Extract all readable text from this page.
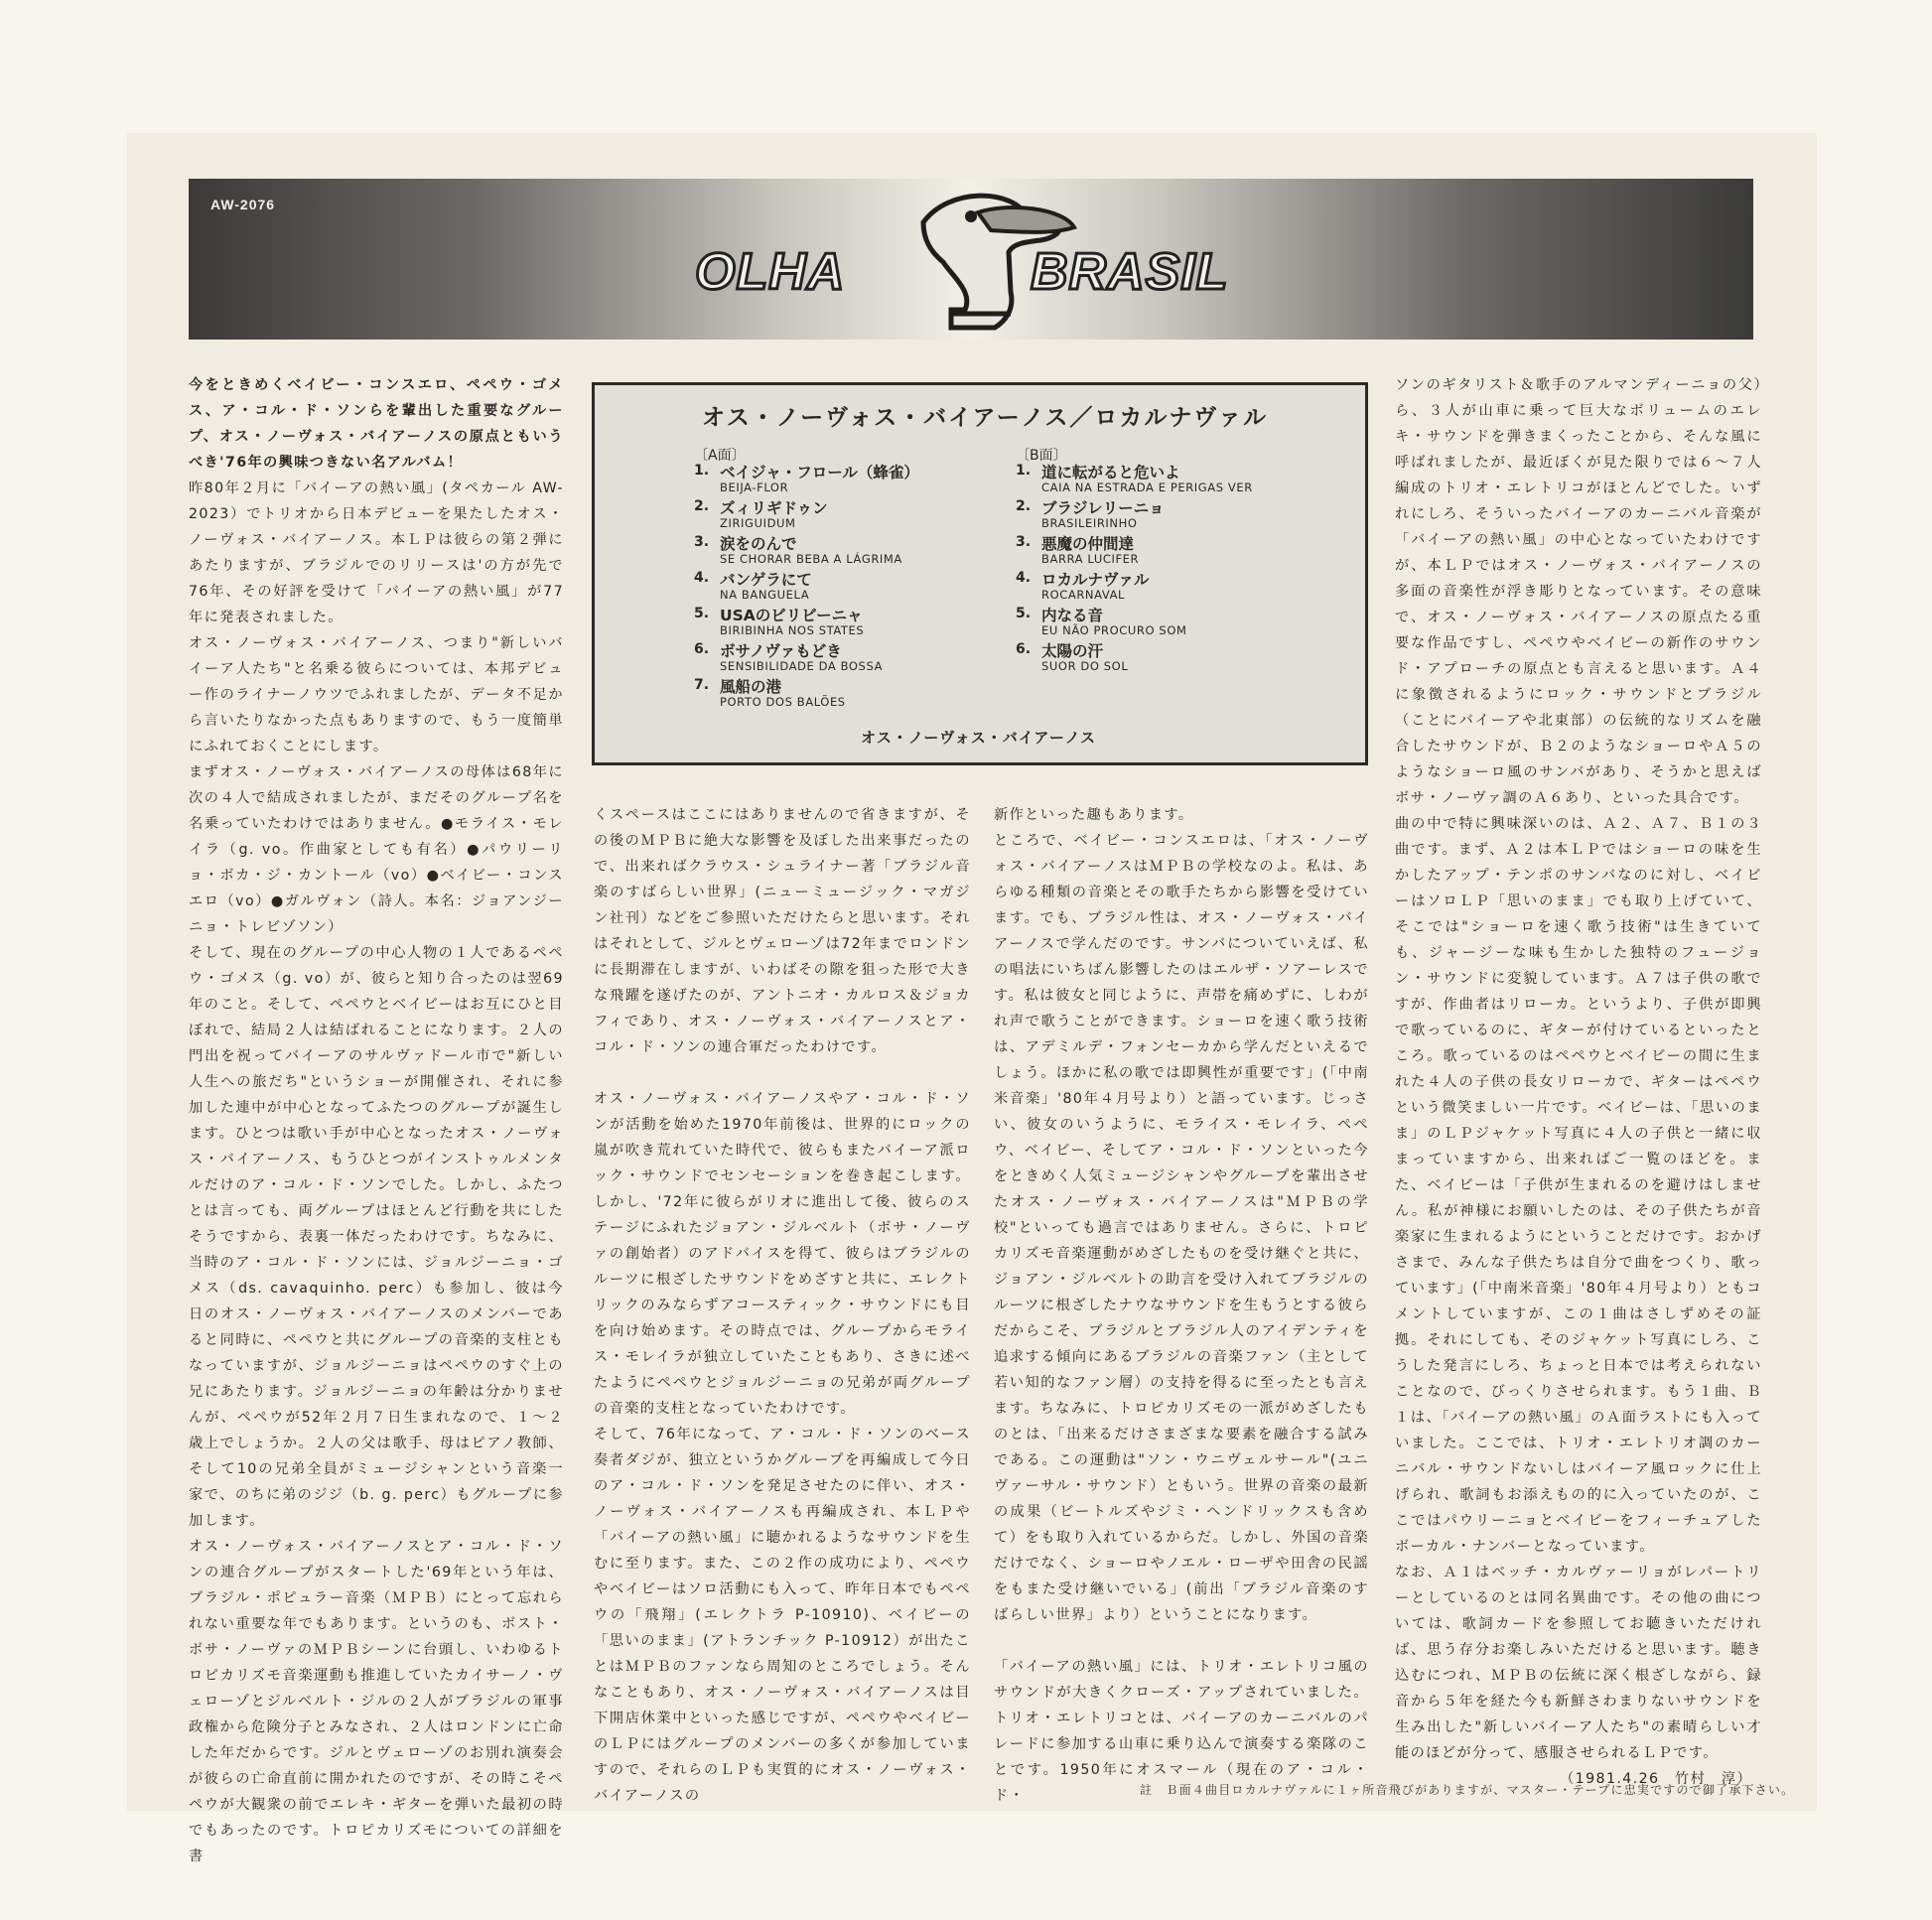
AW-2076
OLHA	BRASIL
オス・ノーヴォス・バイアーノス／ロカルナヴァル
〔A面〕	〔B面〕
1. ベイジャ・フロール（蜂雀）
BEIJA-FLOR
2. ズィリギドゥン
ZIRIGUIDUM
3. 涙をのんで
SE CHORAR BEBA A LÁGRIMA
4. バンゲラにて
NA BANGUELA
5. USAのビリビーニャ
BIRIBINHA NOS STATES
6. ボサノヴァもどき
SENSIBILIDADE DA BOSSA
7. 風船の港
PORTO DOS BALÕES
1. 道に転がると危いよ
CAIA NA ESTRADA E PERIGAS VER
2. ブラジレリーニョ
BRASILEIRINHO
3. 悪魔の仲間達
BARRA LUCIFER
4. ロカルナヴァル
ROCARNAVAL
5. 内なる音
EU NÃO PROCURO SOM
6. 太陽の汗
SUOR DO SOL
オス・ノーヴォス・バイアーノス

今をときめくベイビー・コンスエロ、ペペウ・ゴメス、ア・コル・ド・ソンらを輩出した重要なグループ、オス・ノーヴォス・バイアーノスの原点ともいうべき'76年の興味つきない名アルバム！

昨80年２月に「バイーアの熱い風」(タペカール AW-2023）でトリオから日本デビューを果たしたオス・ノーヴォス・バイアーノス。本ＬＰは彼らの第２弾にあたりますが、ブラジルでのリリースは'の方が先で76年、その好評を受けて「バイーアの熱い風」が77年に発表されました。

オス・ノーヴォス・バイアーノス、つまり"新しいバイーア人たち"と名乗る彼らについては、本邦デビュー作のライナーノウツでふれましたが、データ不足から言いたりなかった点もありますので、もう一度簡単にふれておくことにします。

まずオス・ノーヴォス・バイアーノスの母体は68年に次の４人で結成されましたが、まだそのグループ名を名乗っていたわけではありません。●モライス・モレイラ（g. vo。作曲家としても有名）●パウリーリョ・ボカ・ジ・カントール（vo）●ベイビー・コンスエロ（vo）●ガルヴォン（詩人。本名：ジョアンジーニョ・トレビゾソン）

そして、現在のグループの中心人物の１人であるペペウ・ゴメス（g. vo）が、彼らと知り合ったのは翌69年のこと。そして、ペペウとベイビーはお互にひと目ぼれで、結局２人は結ばれることになります。２人の門出を祝ってバイーアのサルヴァドール市で"新しい人生への旅だち"というショーが開催され、それに参加した連中が中心となってふたつのグループが誕生します。ひとつは歌い手が中心となったオス・ノーヴォス・バイアーノス、もうひとつがインストゥルメンタルだけのア・コル・ド・ソンでした。しかし、ふたつとは言っても、両グループはほとんど行動を共にしたそうですから、表裏一体だったわけです。ちなみに、当時のア・コル・ド・ソンには、ジョルジーニョ・ゴメス（ds. cavaquinho. perc）も参加し、彼は今日のオス・ノーヴォス・バイアーノスのメンバーであると同時に、ペペウと共にグループの音楽的支柱ともなっていますが、ジョルジーニョはペペウのすぐ上の兄にあたります。ジョルジーニョの年齢は分かりませんが、ペペウが52年２月７日生まれなので、１～２歳上でしょうか。２人の父は歌手、母はピアノ教師、そして10の兄弟全員がミュージシャンという音楽一家で、のちに弟のジジ（b. g. perc）もグループに参加します。

オス・ノーヴォス・バイアーノスとア・コル・ド・ソンの連合グループがスタートした'69年という年は、ブラジル・ポピュラー音楽（ＭＰＢ）にとって忘れられない重要な年でもあります。というのも、ボスト・ボサ・ノーヴァのＭＰＢシーンに台頭し、いわゆるトロピカリズモ音楽運動も推進していたカイサーノ・ヴェローゾとジルベルト・ジルの２人がブラジルの軍事政権から危険分子とみなされ、２人はロンドンに亡命した年だからです。ジルとヴェローゾのお別れ演奏会が彼らの亡命直前に開かれたのですが、その時こそペペウが大観衆の前でエレキ・ギターを弾いた最初の時でもあったのです。トロピカリズモについての詳細を書

くスペースはここにはありませんので省きますが、その後のＭＰＢに絶大な影響を及ぼした出来事だったので、出来ればクラウス・シュライナー著「ブラジル音楽のすばらしい世界」(ニューミュージック・マガジン社刊）などをご参照いただけたらと思います。それはそれとして、ジルとヴェローゾは72年までロンドンに長期滞在しますが、いわばその隙を狙った形で大きな飛躍を遂げたのが、アントニオ・カルロス＆ジョカフィであり、オス・ノーヴォス・バイアーノスとア・コル・ド・ソンの連合軍だったわけです。

オス・ノーヴォス・バイアーノスやア・コル・ド・ソンが活動を始めた1970年前後は、世界的にロックの嵐が吹き荒れていた時代で、彼らもまたバイーア派ロック・サウンドでセンセーションを巻き起こします。しかし、'72年に彼らがリオに進出して後、彼らのステージにふれたジョアン・ジルベルト（ボサ・ノーヴァの創始者）のアドバイスを得て、彼らはブラジルのルーツに根ざしたサウンドをめざすと共に、エレクトリックのみならずアコースティック・サウンドにも目を向け始めます。その時点では、グループからモライス・モレイラが独立していたこともあり、さきに述べたようにペペウとジョルジーニョの兄弟が両グループの音楽的支柱となっていたわけです。

そして、76年になって、ア・コル・ド・ソンのベース奏者ダジが、独立というかグループを再編成して今日のア・コル・ド・ソンを発足させたのに伴い、オス・ノーヴォス・バイアーノスも再編成され、本ＬＰや「バイーアの熱い風」に聴かれるようなサウンドを生むに至ります。また、この２作の成功により、ペペウやベイビーはソロ活動にも入って、昨年日本でもペペウの「飛翔」(エレクトラ P-10910)、ベイビーの「思いのまま」(アトランチック P-10912）が出たことはＭＰＢのファンなら周知のところでしょう。そんなこともあり、オス・ノーヴォス・バイアーノスは目下開店休業中といった感じですが、ペペウやベイビーのＬＰにはグループのメンバーの多くが参加していますので、それらのＬＰも実質的にオス・ノーヴォス・バイアーノスの

新作といった趣もあります。

ところで、ベイビー・コンスエロは、「オス・ノーヴォス・バイアーノスはＭＰＢの学校なのよ。私は、あらゆる種類の音楽とその歌手たちから影響を受けています。でも、ブラジル性は、オス・ノーヴォス・バイアーノスで学んだのです。サンバについていえば、私の唱法にいちばん影響したのはエルザ・ソアーレスです。私は彼女と同じように、声帯を痛めずに、しわがれ声で歌うことができます。ショーロを速く歌う技術は、アデミルデ・フォンセーカから学んだといえるでしょう。ほかに私の歌では即興性が重要です」(「中南米音楽」'80年４月号より）と語っています。じっさい、彼女のいうように、モライス・モレイラ、ペペウ、ベイビー、そしてア・コル・ド・ソンといった今をときめく人気ミュージシャンやグループを輩出させたオス・ノーヴォス・バイアーノスは"ＭＰＢの学校"といっても過言ではありません。さらに、トロピカリズモ音楽運動がめざしたものを受け継ぐと共に、ジョアン・ジルベルトの助言を受け入れてブラジルのルーツに根ざしたナウなサウンドを生もうとする彼らだからこそ、ブラジルとブラジル人のアイデンティを追求する傾向にあるブラジルの音楽ファン（主として若い知的なファン層）の支持を得るに至ったとも言えます。ちなみに、トロピカリズモの一派がめざしたものとは、「出来るだけさまざまな要素を融合する試みである。この運動は"ソン・ウニヴェルサール"(ユニヴァーサル・サウンド）ともいう。世界の音楽の最新の成果（ビートルズやジミ・ヘンドリックスも含めて）をも取り入れているからだ。しかし、外国の音楽だけでなく、ショーロやノエル・ローザや田舎の民謡をもまた受け継いでいる」(前出「ブラジル音楽のすばらしい世界」より）ということになります。

「バイーアの熱い風」には、トリオ・エレトリコ風のサウンドが大きくクローズ・アップされていました。トリオ・エレトリコとは、バイーアのカーニバルのパレードに参加する山車に乗り込んで演奏する楽隊のことです。1950年にオスマール（現在のア・コル・ド・

ソンのギタリスト＆歌手のアルマンディーニョの父）ら、３人が山車に乗って巨大なボリュームのエレキ・サウンドを弾きまくったことから、そんな風に呼ばれましたが、最近ぼくが見た限りでは６～７人編成のトリオ・エレトリコがほとんどでした。いずれにしろ、そういったバイーアのカーニバル音楽が「バイーアの熱い風」の中心となっていたわけですが、本ＬＰではオス・ノーヴォス・バイアーノスの多面の音楽性が浮き彫りとなっています。その意味で、オス・ノーヴォス・バイアーノスの原点たる重要な作品ですし、ペペウやベイビーの新作のサウンド・アプローチの原点とも言えると思います。Ａ４に象徴されるようにロック・サウンドとブラジル（ことにバイーアや北東部）の伝統的なリズムを融合したサウンドが、Ｂ２のようなショーロやＡ５のようなショーロ風のサンバがあり、そうかと思えばボサ・ノーヴァ調のＡ６あり、といった具合です。

曲の中で特に興味深いのは、Ａ２、Ａ７、Ｂ１の３曲です。まず、Ａ２は本ＬＰではショーロの味を生かしたアップ・テンポのサンバなのに対し、ベイビーはソロＬＰ「思いのまま」でも取り上げていて、そこでは"ショーロを速く歌う技術"は生きていても、ジャージーな味も生かした独特のフュージョン・サウンドに変貌しています。Ａ７は子供の歌ですが、作曲者はリローカ。というより、子供が即興で歌っているのに、ギターが付けているといったところ。歌っているのはペペウとベイビーの間に生まれた４人の子供の長女リローカで、ギターはペペウという微笑ましい一片です。ベイビーは、「思いのまま」のＬＰジャケット写真に４人の子供と一緒に収まっていますから、出来ればご一覧のほどを。また、ベイビーは「子供が生まれるのを避けはしません。私が神様にお願いしたのは、その子供たちが音楽家に生まれるようにということだけです。おかげさまで、みんな子供たちは自分で曲をつくり、歌っています」(「中南米音楽」'80年４月号より）ともコメントしていますが、この１曲はさしずめその証拠。それにしても、そのジャケット写真にしろ、こうした発言にしろ、ちょっと日本では考えられないことなので、びっくりさせられます。もう１曲、Ｂ１は、「バイーアの熱い風」のＡ面ラストにも入っていました。ここでは、トリオ・エレトリオ調のカーニバル・サウンドないしはバイーア風ロックに仕上げられ、歌詞もお添えもの的に入っていたのが、ここではパウリーニョとベイビーをフィーチュアしたボーカル・ナンバーとなっています。

なお、Ａ１はベッチ・カルヴァーリョがレパートリーとしているのとは同名異曲です。その他の曲については、歌詞カードを参照してお聴きいただければ、思う存分お楽しみいただけると思います。聴き込むにつれ、ＭＰＢの伝統に深く根ざしながら、録音から５年を経た今も新鮮さわまりないサウンドを生み出した"新しいバイーア人たち"の素晴らしい才能のほどが分って、感服させられるＬＰです。

（1981.4.26　竹村　淳）

註　Ｂ面４曲目ロカルナヴァルに１ヶ所音飛びがありますが、マスター・テープに忠実ですので御了承下さい。
